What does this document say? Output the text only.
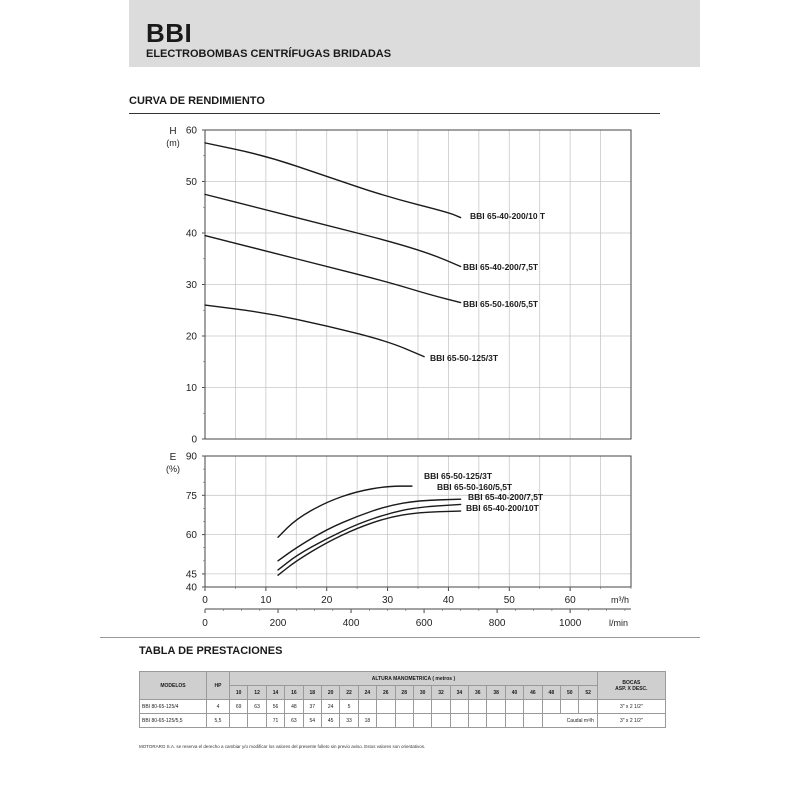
BBI
ELECTROBOMBAS CENTRÍFUGAS BRIDADAS
CURVA DE RENDIMIENTO
0
10
20
30
40
50
60
H
(m)
BBI 65-40-200/10 T
BBI 65-40-200/7,5T
BBI 65-50-160/5,5T
BBI 65-50-125/3T
40
45
60
75
90
E
(%)
BBI 65-50-125/3T
BBI 65-50-160/5,5T
BBI 65-40-200/7,5T
BBI 65-40-200/10T
0	10	20	30	40	50	60	m³/h
0	200	400	600	800	1000	l/min
TABLA DE PRESTACIONES
MODELOS	HP	ALTURA MANOMETRICA ( metros )																				BOCAS
ASP. X DESC.
		10	12	14	16	18	20	22	24	26	28	30	32	34	36	38	40	46	48	50	52	
BBI 80-65-125/4	4	69	63	56	48	37	24	5														3" x 2 1/2"
BBI 80-65-125/5,5	5,5			71	63	54	45	33	18										Caudal m³/h			3" x 2 1/2"
MOTORARG S.A. se reserva el derecho a cambiar y/o modificar los valores del presente folleto sin previo aviso. Estos valores son orientativos.
